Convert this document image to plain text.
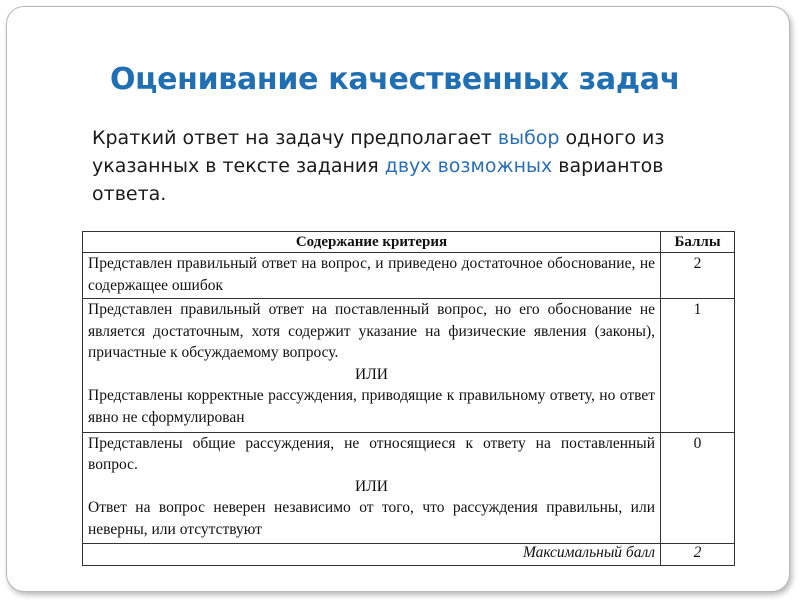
Оценивание качественных задач
Краткий ответ на задачу предполагает выбор одного из указанных в тексте задания двух возможных вариантов ответа.
Содержание критерия	Баллы

Представлен правильный ответ на вопрос, и приведено достаточное обоснование, не содержащее ошибок	2

Представлен правильный ответ на поставленный вопрос, но его обоснование не является достаточным, хотя содержит указание на физические явления (законы), причастные к обсуждаемому вопросу.

ИЛИ

Представлены корректные рассуждения, приводящие к правильному ответу, но ответ явно не сформулирован	1

Представлены общие рассуждения, не относящиеся к ответу на поставленный вопрос.

ИЛИ

Ответ на вопрос неверен независимо от того, что рассуждения правильны, или неверны, или отсутствуют	0
Максимальный балл	2
